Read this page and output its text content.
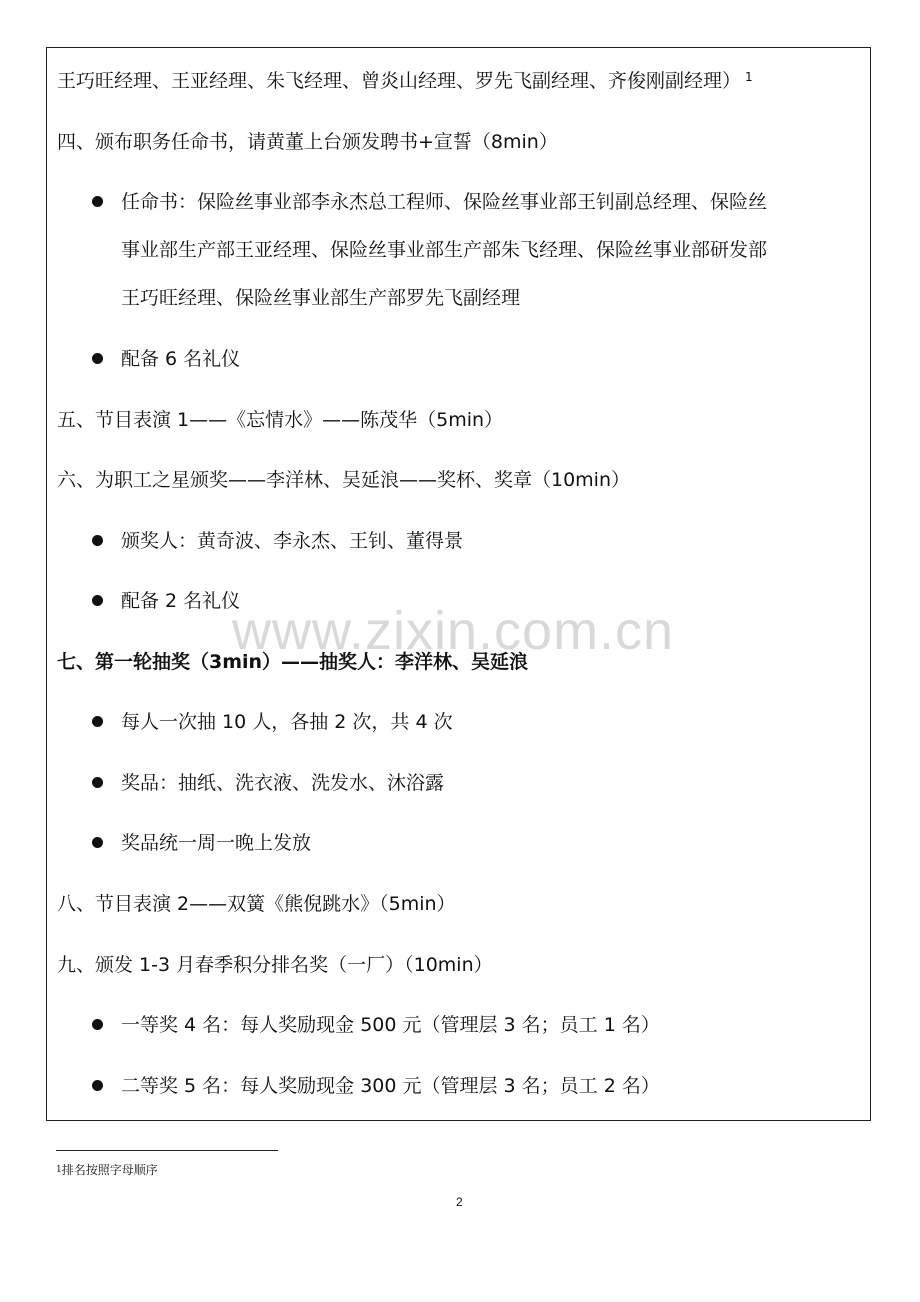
www.zixin.com.cn
王巧旺经理、王亚经理、朱飞经理、曾炎山经理、罗先飞副经理、齐俊刚副经理） $^1$
四、颁布职务任命书，请黄董上台颁发聘书+宣誓（8min）
任命书：保险丝事业部李永杰总工程师、保险丝事业部王钊副总经理、保险丝
事业部生产部王亚经理、保险丝事业部生产部朱飞经理、保险丝事业部研发部
王巧旺经理、保险丝事业部生产部罗先飞副经理
配备 6 名礼仪
五、节目表演 1——《忘情水》——陈茂华（5min）
六、为职工之星颁奖——李洋林、吴延浪——奖杯、奖章（10min）
颁奖人：黄奇波、李永杰、王钊、董得景
配备 2 名礼仪
七、第一轮抽奖（3min）——抽奖人：李洋林、吴延浪
每人一次抽 10 人，各抽 2 次，共 4 次
奖品：抽纸、洗衣液、洗发水、沐浴露
奖品统一周一晚上发放
八、节目表演 2——双簧《熊倪跳水》（5min）
九、颁发 1-3 月春季积分排名奖（一厂）（10min）
一等奖 4 名：每人奖励现金 500 元（管理层 3 名；员工 1 名）
二等奖 5 名：每人奖励现金 300 元（管理层 3 名；员工 2 名）
$^1$排名按照字母顺序
2
